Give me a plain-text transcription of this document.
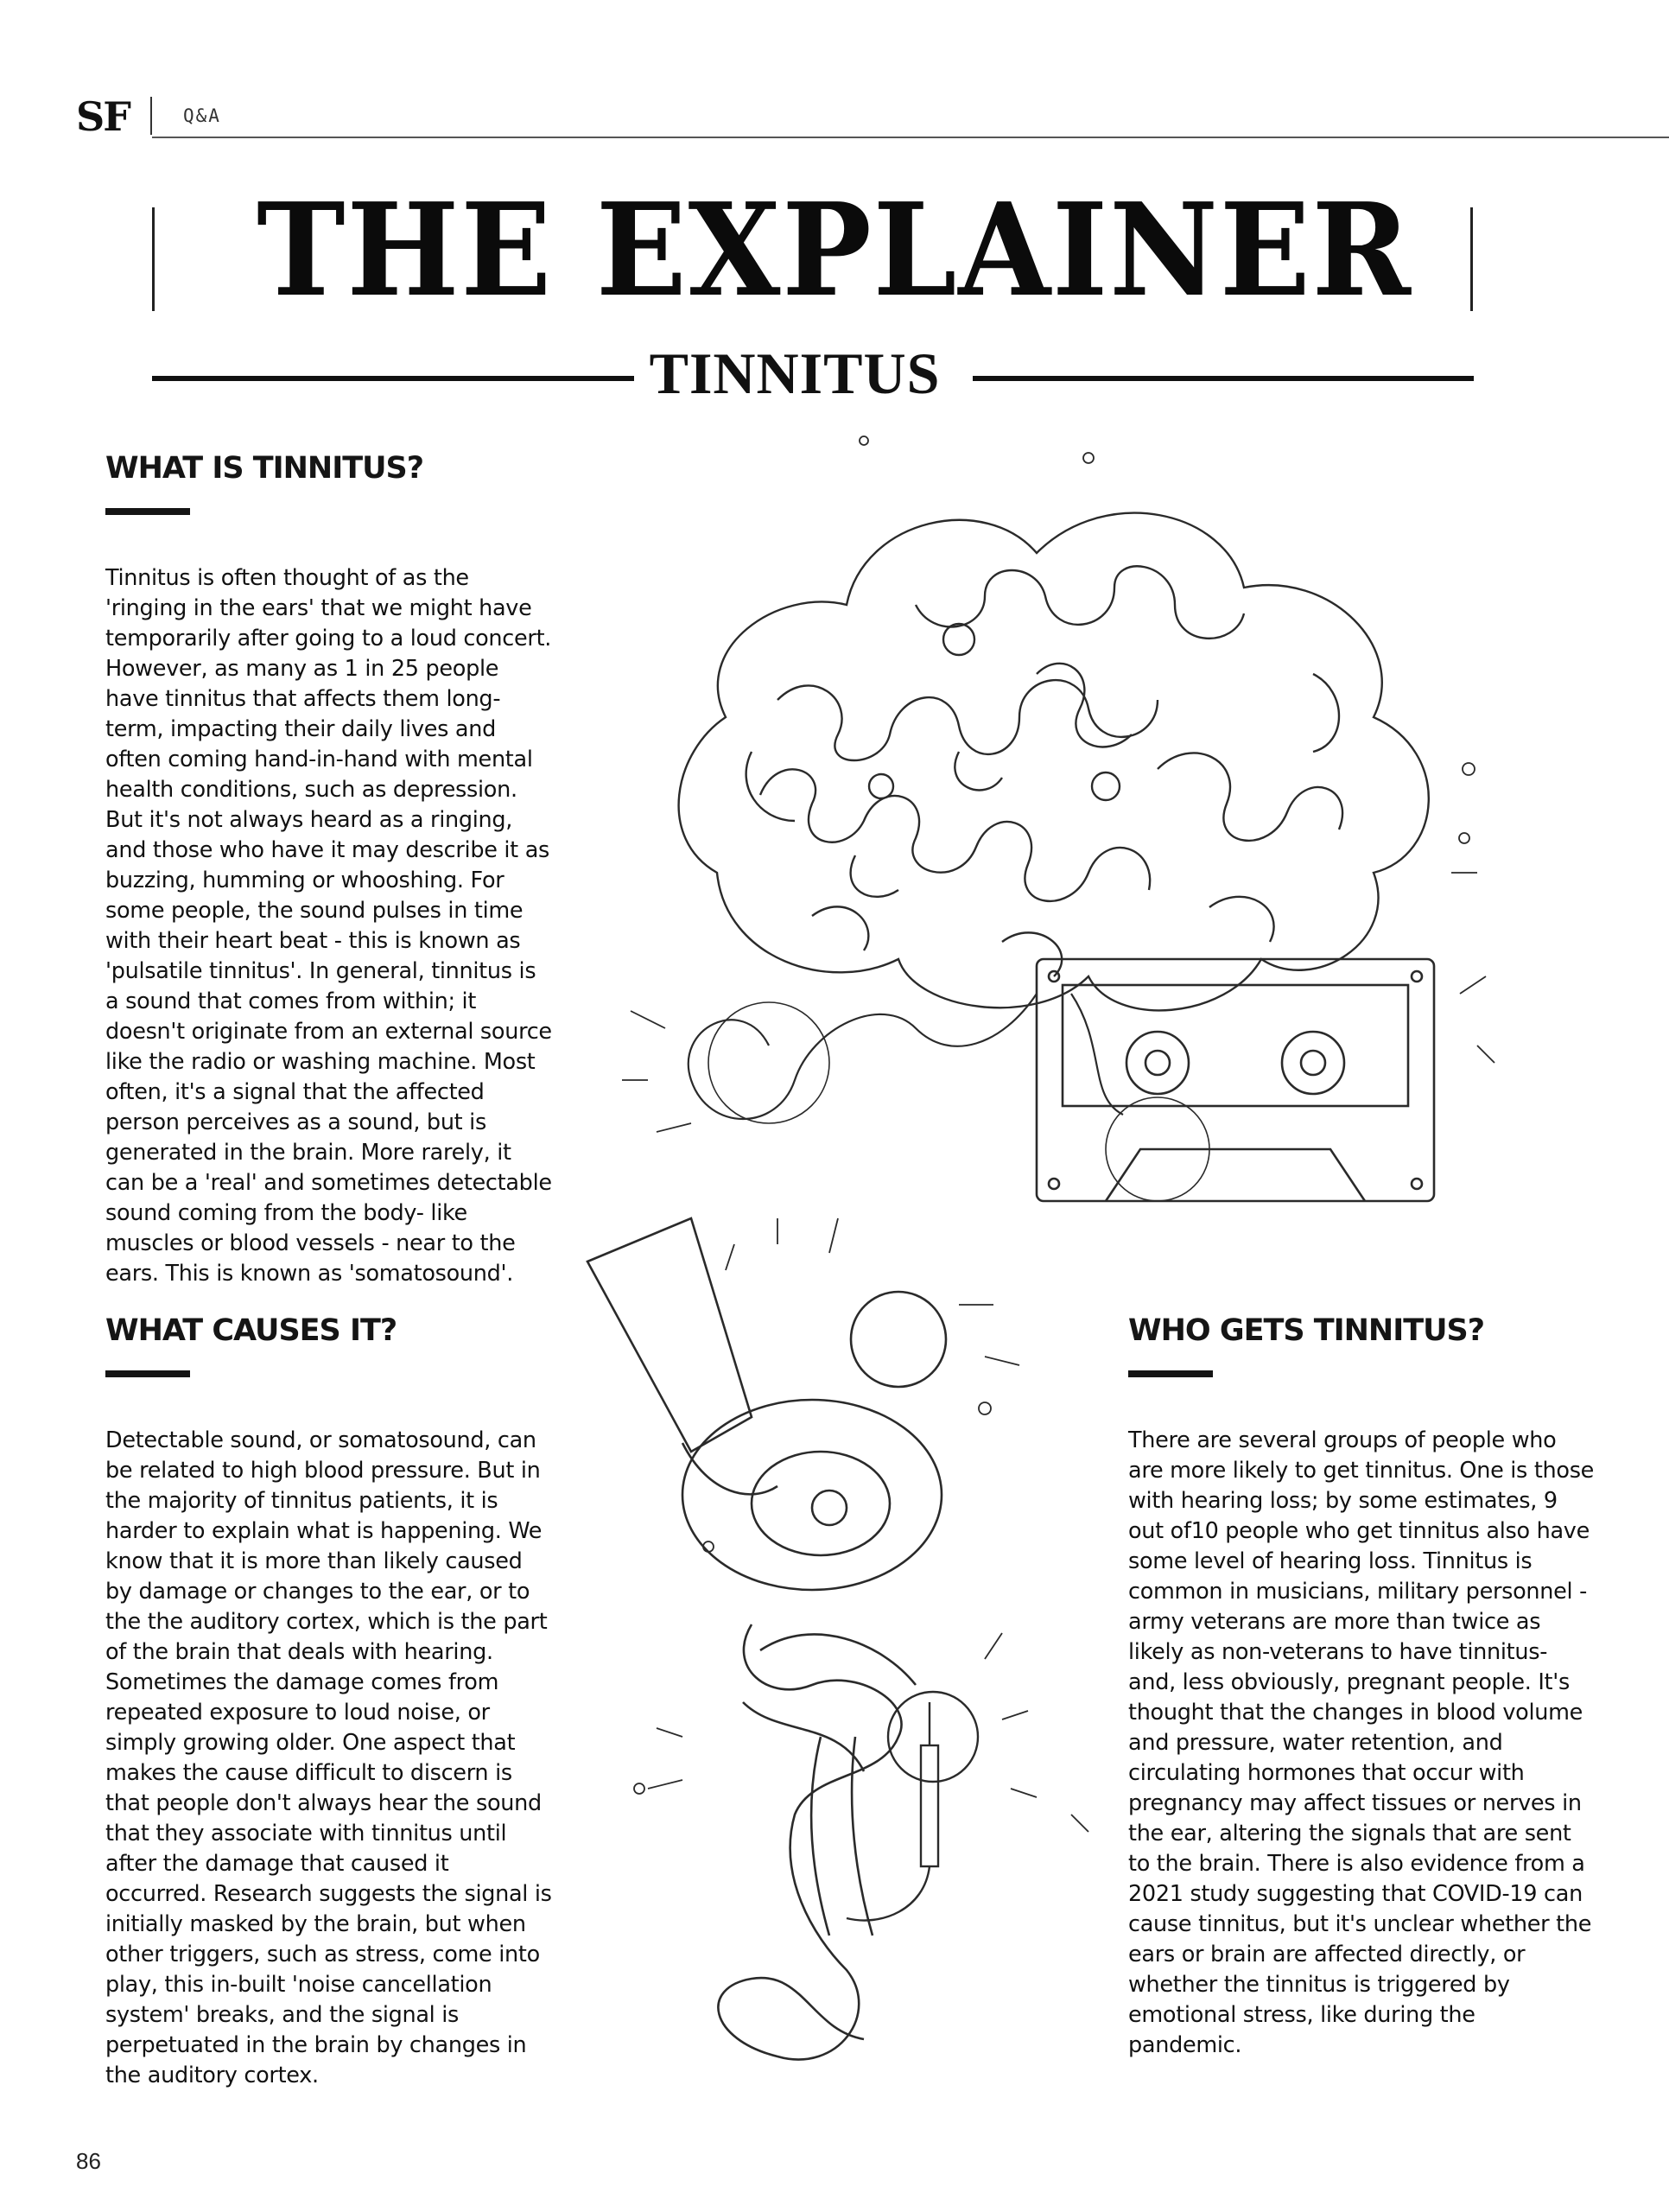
SF	Q&A
THE EXPLAINER
TINNITUS
WHAT IS TINNITUS?

Tinnitus is often thought of as the 'ringing in the ears' that we might have temporarily after going to a loud concert. However, as many as 1 in 25 people have tinnitus that affects them long-term, impacting their daily lives and often coming hand-in-hand with mental health conditions, such as depression. But it's not always heard as a ringing, and those who have it may describe it as buzzing, humming or whooshing. For some people, the sound pulses in time with their heart beat - this is known as 'pulsatile tinnitus'. In general, tinnitus is a sound that comes from within; it doesn't originate from an external source like the radio or washing machine. Most often, it's a signal that the affected person perceives as a sound, but is generated in the brain. More rarely, it can be a 'real' and sometimes detectable sound coming from the body- like muscles or blood vessels - near to the ears. This is known as 'somatosound'.

WHAT CAUSES IT?

Detectable sound, or somatosound, can be related to high blood pressure. But in the majority of tinnitus patients, it is harder to explain what is happening. We know that it is more than likely caused by damage or changes to the ear, or to the the auditory cortex, which is the part of the brain that deals with hearing. Sometimes the damage comes from repeated exposure to loud noise, or simply growing older. One aspect that makes the cause difficult to discern is that people don't always hear the sound that they associate with tinnitus until after the damage that caused it occurred. Research suggests the signal is initially masked by the brain, but when other triggers, such as stress, come into play, this in-built 'noise cancellation system' breaks, and the signal is perpetuated in the brain by changes in the auditory cortex.

WHO GETS TINNITUS?

There are several groups of people who are more likely to get tinnitus. One is those with hearing loss; by some estimates, 9 out of10 people who get tinnitus also have some level of hearing loss. Tinnitus is common in musicians, military personnel - army veterans are more than twice as likely as non-veterans to have tinnitus- and, less obviously, pregnant people. It's thought that the changes in blood volume and pressure, water retention, and circulating hormones that occur with pregnancy may affect tissues or nerves in the ear, altering the signals that are sent to the brain. There is also evidence from a 2021 study suggesting that COVID-19 can cause tinnitus, but it's unclear whether the ears or brain are affected directly, or whether the tinnitus is triggered by emotional stress, like during the pandemic.

86
